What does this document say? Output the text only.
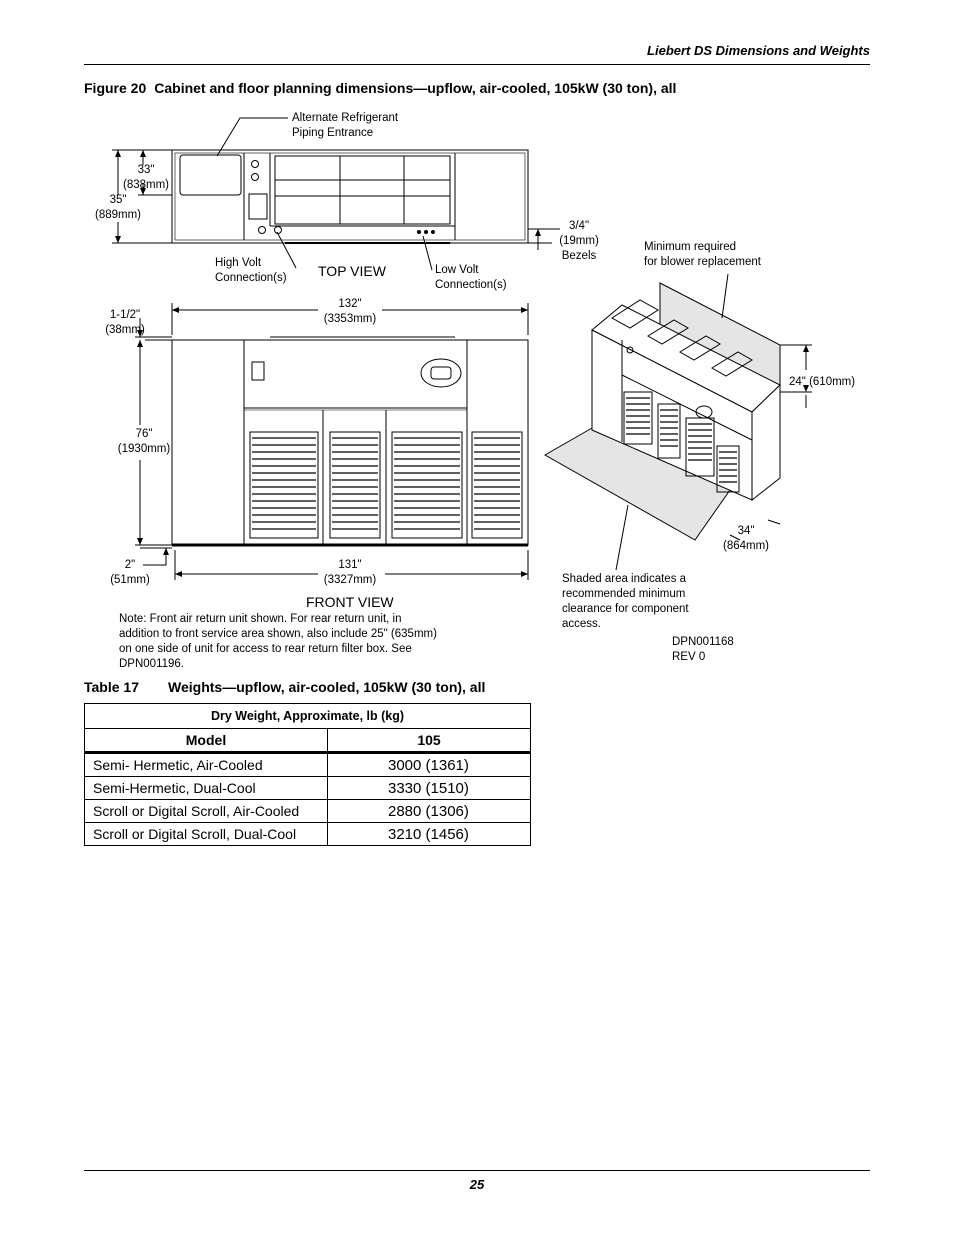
Liebert DS Dimensions and Weights
Figure 20 Cabinet and floor planning dimensions—upflow, air-cooled, 105kW (30 ton), all
Alternate Refrigerant
Piping Entrance
33"
(838mm)
35"
(889mm)
3/4"
(19mm)
Bezels
High Volt
Connection(s) TOP VIEW	Low Volt
Connection(s)
Minimum required
for blower replacement
1-1/2"
(38mm)
132"
(3353mm)
24" (610mm)
76"
(1930mm)
34"
(864mm)
2"
(51mm)
131"
(3327mm)	Shaded area indicates a
recommended minimum
clearance for component
access.
FRONT VIEW
DPN001168
REV 0
Note: Front air return unit shown. For rear return unit, in addition to front service area shown, also include 25" (635mm) on one side of unit for access to rear return filter box. See DPN001196.
Table 17 Weights—upflow, air-cooled, 105kW (30 ton), all
Dry Weight, Approximate, lb (kg)	
Model	105
Semi- Hermetic, Air-Cooled	3000 (1361)
Semi-Hermetic, Dual-Cool	3330 (1510)
Scroll or Digital Scroll, Air-Cooled	2880 (1306)
Scroll or Digital Scroll, Dual-Cool	3210 (1456)
25
